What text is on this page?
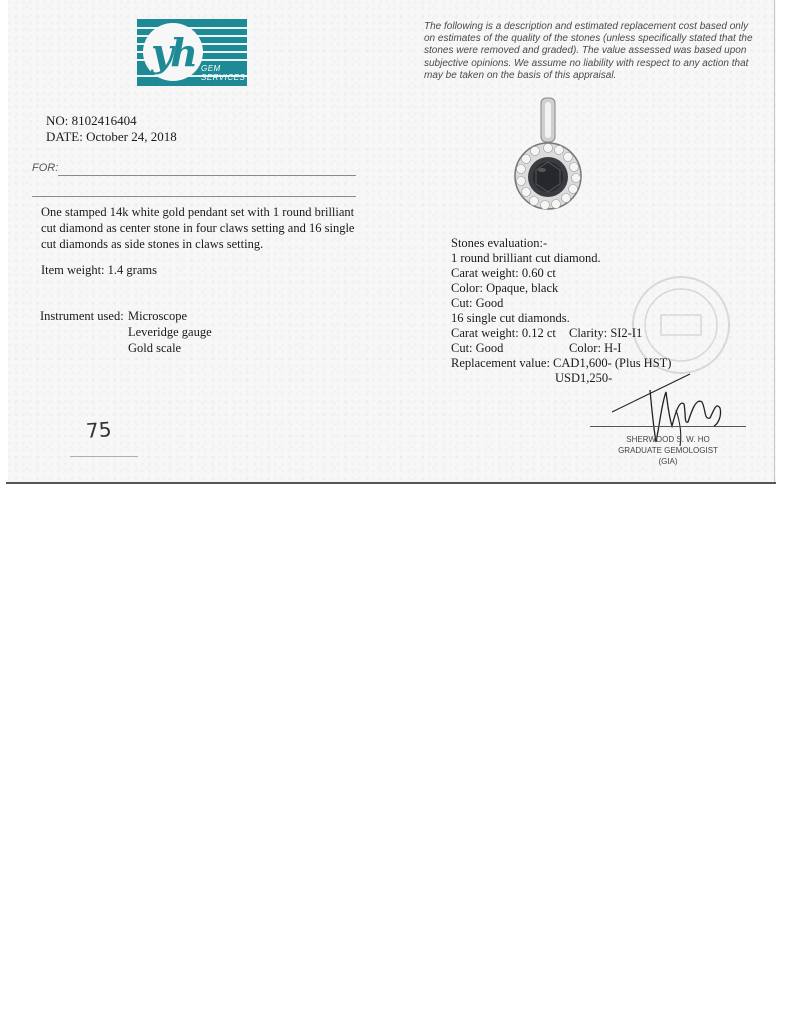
yh GEM SERVICES
The following is a description and estimated replacement cost based only on estimates of the quality of the stones (unless specifically stated that the stones were removed and graded). The value assessed was based upon subjective opinions. We assume no liability with respect to any action that may be taken on the basis of this appraisal.
NO: 8102416404
DATE: October 24, 2018
FOR:
One stamped 14k white gold pendant set with 1 round brilliant cut diamond as center stone in four claws setting and 16 single cut diamonds as side stones in claws setting.
Item weight: 1.4 grams
Instrument used: Microscope
Leveridge gauge
Gold scale
75
Stones evaluation:-
1 round brilliant cut diamond.
Carat weight: 0.60 ct
Color: Opaque, black
Cut: Good
16 single cut diamonds.
Carat weight: 0.12 ct	Clarity: SI2-I1
Cut: Good	Color: H-I
Replacement value:
CAD1,600- (Plus HST)
USD1,250-
SHERWOOD S. W. HO
GRADUATE GEMOLOGIST
(GIA)
